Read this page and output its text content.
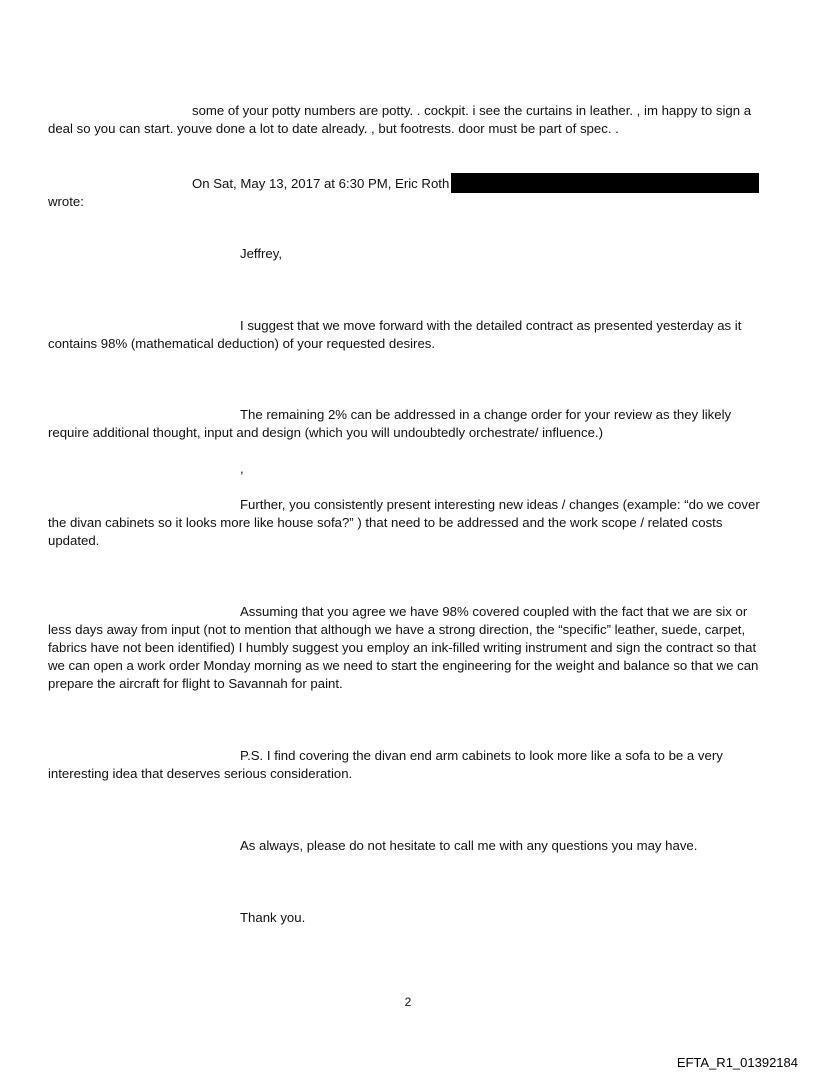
some of your potty numbers are potty. . cockpit. i see the curtains in leather. , im happy to sign a deal so you can start. youve done a lot to date already. , but footrests. door must be part of spec. .

On Sat, May 13, 2017 at 6:30 PM, Eric Roth

wrote:

Jeffrey,

I suggest that we move forward with the detailed contract as presented yesterday as it contains 98% (mathematical deduction) of your requested desires.

The remaining 2% can be addressed in a change order for your review as they likely require additional thought, input and design (which you will undoubtedly orchestrate/ influence.)

,

Further, you consistently present interesting new ideas / changes (example: “do we cover the divan cabinets so it looks more like house sofa?” ) that need to be addressed and the work scope / related costs updated.

Assuming that you agree we have 98% covered coupled with the fact that we are six or less days away from input (not to mention that although we have a strong direction, the “specific” leather, suede, carpet, fabrics have not been identified) I humbly suggest you employ an ink-filled writing instrument and sign the contract so that we can open a work order Monday morning as we need to start the engineering for the weight and balance so that we can prepare the aircraft for flight to Savannah for paint.

P.S. I find covering the divan end arm cabinets to look more like a sofa to be a very interesting idea that deserves serious consideration.

As always, please do not hesitate to call me with any questions you may have.

Thank you.

2
EFTA_R1_01392184
